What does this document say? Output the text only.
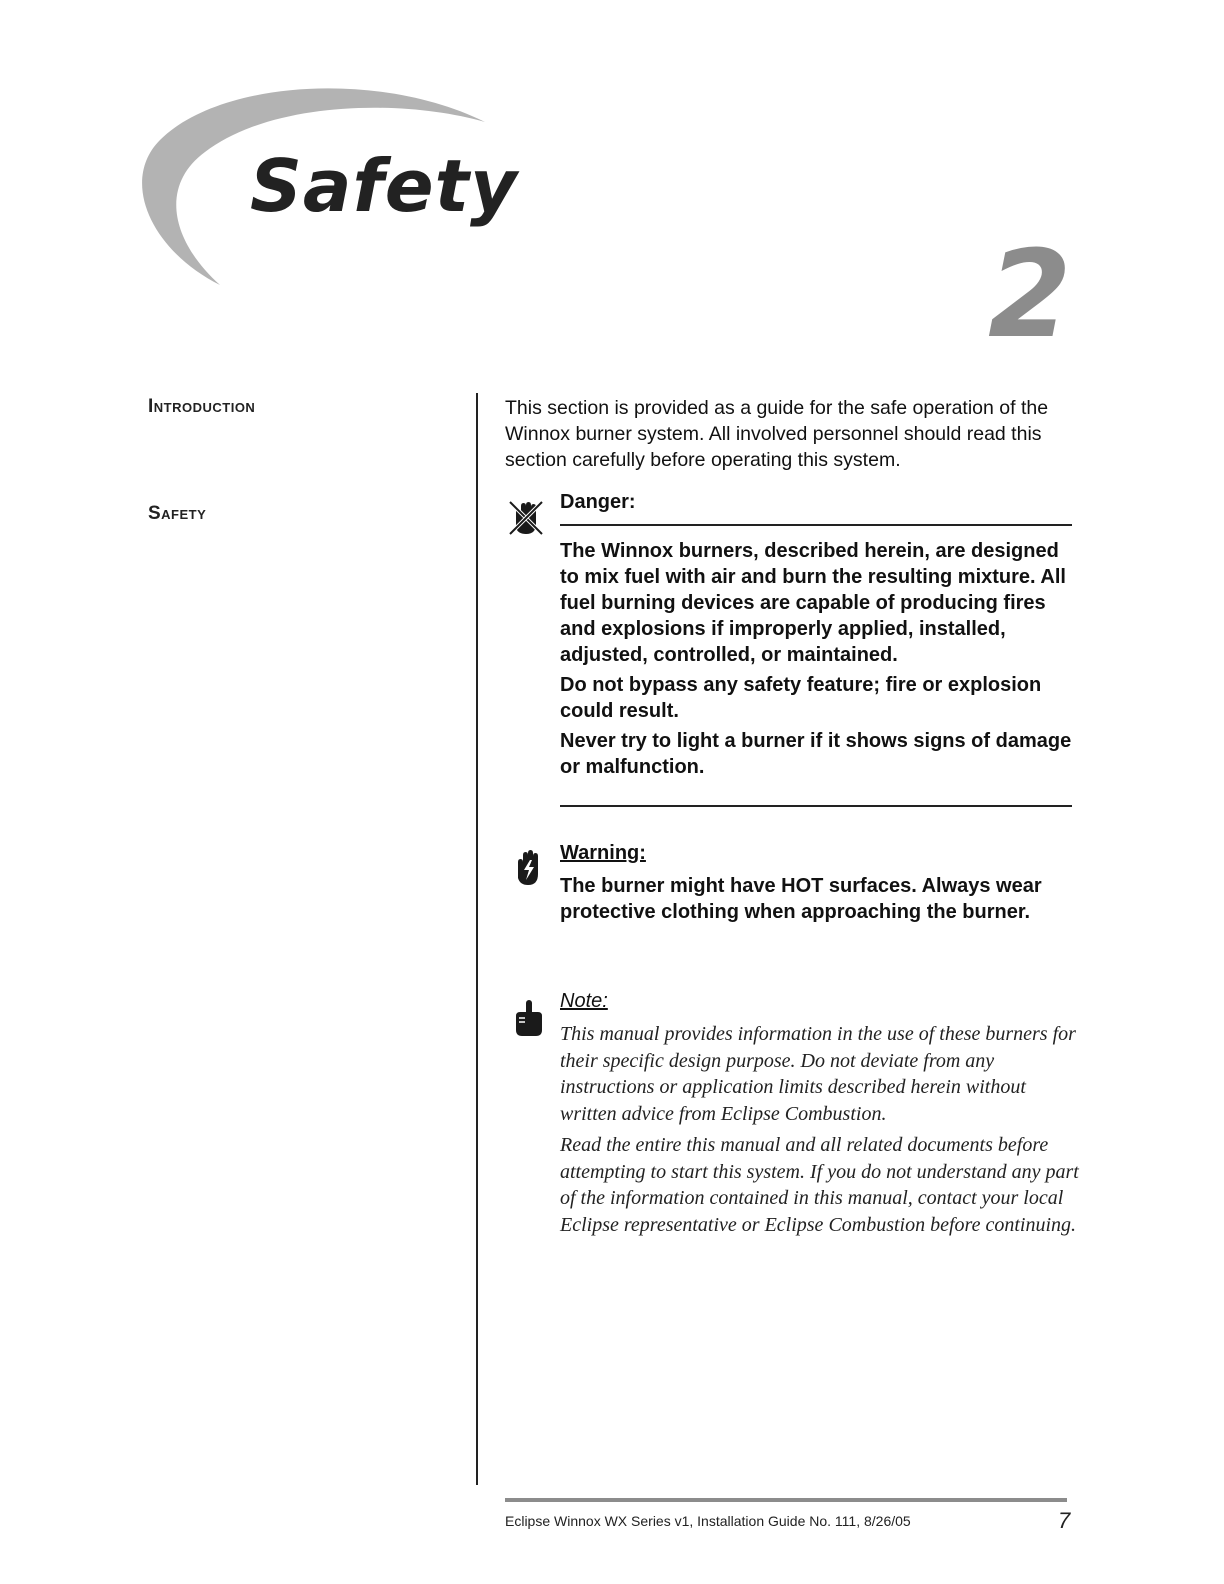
Safety
2
Introduction
Safety
This section is provided as a guide for the safe operation of the Winnox burner system. All involved personnel should read this section carefully before operating this system.
Danger:

The Winnox burners, described herein, are designed to mix fuel with air and burn the resulting mixture. All fuel burning devices are capable of producing fires and explosions if improperly applied, installed, adjusted, controlled, or maintained.

Do not bypass any safety feature; fire or explosion could result.

Never try to light a burner if it shows signs of damage or malfunction.

Warning:
The burner might have HOT surfaces. Always wear protective clothing when approaching the burner.
Note:

This manual provides information in the use of these burners for their specific design purpose. Do not deviate from any instructions or application limits described herein without written advice from Eclipse Combustion.

Read the entire this manual and all related documents before attempting to start this system. If you do not understand any part of the information contained in this manual, contact your local Eclipse representative or Eclipse Combustion before continuing.

Eclipse Winnox WX Series v1, Installation Guide No. 111, 8/26/05	7
